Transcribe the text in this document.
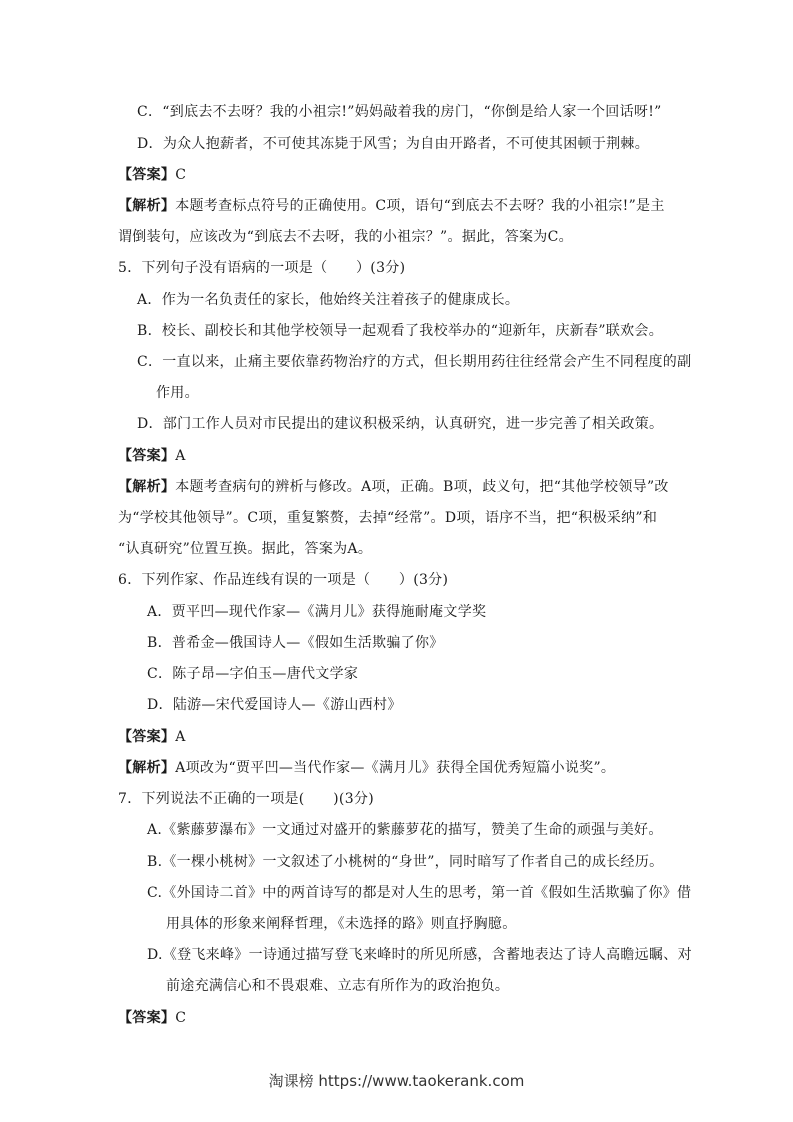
C．“到底去不去呀？我的小祖宗!”妈妈敲着我的房门，“你倒是给人家一个回话呀!”
D．为众人抱薪者，不可使其冻毙于风雪；为自由开路者，不可使其困顿于荆棘。
【答案】C
【解析】本题考查标点符号的正确使用。C项，语句“到底去不去呀？我的小祖宗!”是主
谓倒装句，应该改为“到底去不去呀，我的小祖宗？”。据此，答案为C。
5．下列句子没有语病的一项是（　　）(3分)
A．作为一名负责任的家长，他始终关注着孩子的健康成长。
B．校长、副校长和其他学校领导一起观看了我校举办的“迎新年，庆新春”联欢会。
C．一直以来，止痛主要依靠药物治疗的方式，但长期用药往往经常会产生不同程度的副
作用。
D．部门工作人员对市民提出的建议积极采纳，认真研究，进一步完善了相关政策。
【答案】A
【解析】本题考查病句的辨析与修改。A项，正确。B项，歧义句，把“其他学校领导”改
为“学校其他领导”。C项，重复繁赘，去掉“经常”。D项，语序不当，把“积极采纳”和
“认真研究”位置互换。据此，答案为A。
6．下列作家、作品连线有误的一项是（　　）(3分)
A．贾平凹—现代作家—《满月儿》获得施耐庵文学奖
B．普希金—俄国诗人—《假如生活欺骗了你》
C．陈子昂—字伯玉—唐代文学家
D．陆游—宋代爱国诗人—《游山西村》
【答案】A
【解析】A项改为“贾平凹—当代作家—《满月儿》获得全国优秀短篇小说奖”。
7．下列说法不正确的一项是(　　)(3分)
A.《紫藤萝瀑布》一文通过对盛开的紫藤萝花的描写，赞美了生命的顽强与美好。
B.《一棵小桃树》一文叙述了小桃树的“身世”，同时暗写了作者自己的成长经历。
C.《外国诗二首》中的两首诗写的都是对人生的思考，第一首《假如生活欺骗了你》借
用具体的形象来阐释哲理，《未选择的路》则直抒胸臆。
D.《登飞来峰》一诗通过描写登飞来峰时的所见所感，含蓄地表达了诗人高瞻远瞩、对
前途充满信心和不畏艰难、立志有所作为的政治抱负。
【答案】C
淘课榜 https://www.taokerank.com
